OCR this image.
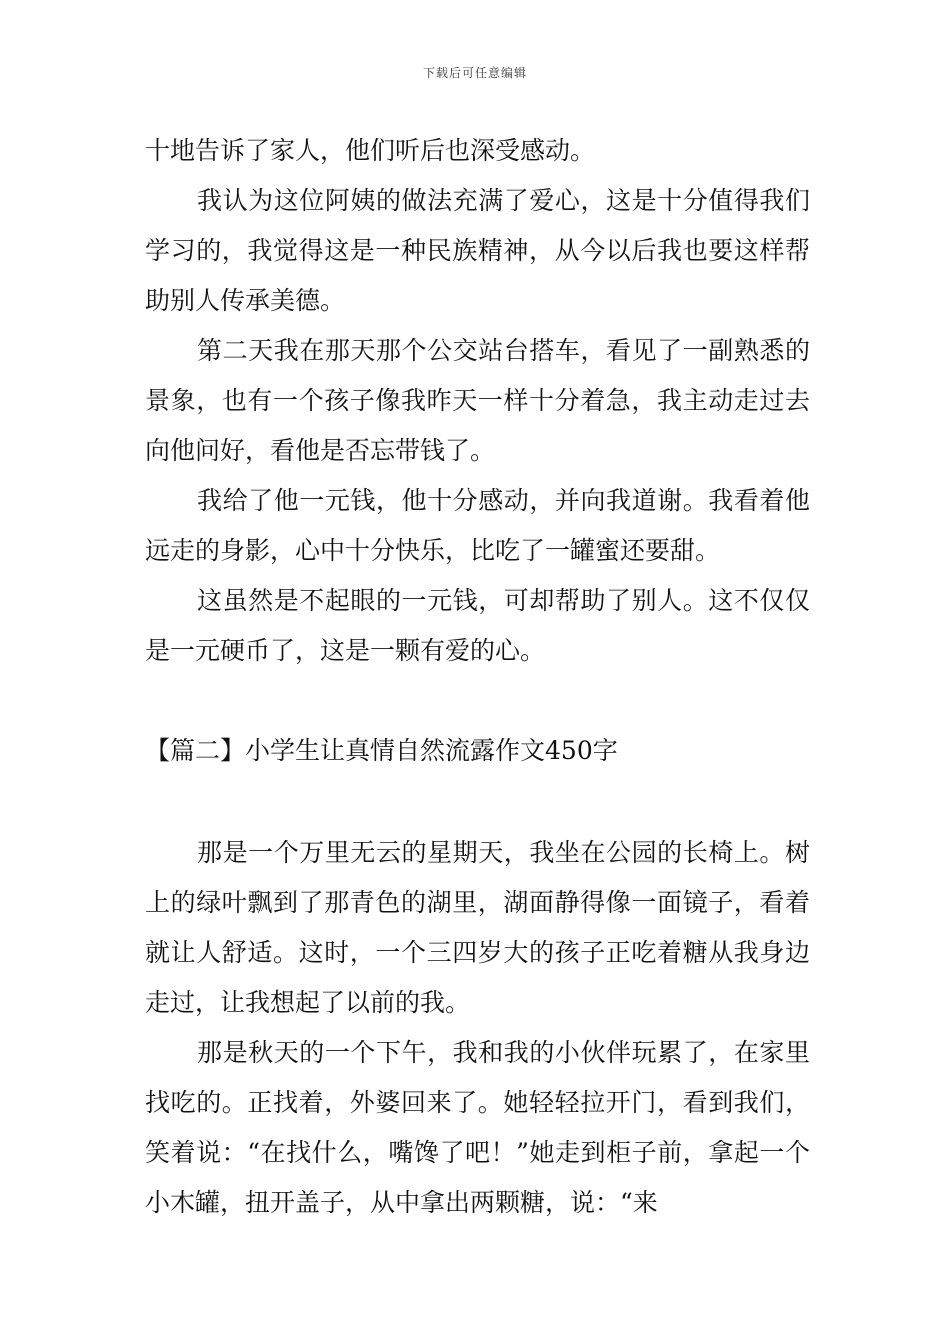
下载后可任意编辑

十地告诉了家人，他们听后也深受感动。

我认为这位阿姨的做法充满了爱心，这是十分值得我们学习的，我觉得这是一种民族精神，从今以后我也要这样帮助别人传承美德。

第二天我在那天那个公交站台搭车，看见了一副熟悉的景象，也有一个孩子像我昨天一样十分着急，我主动走过去向他问好，看他是否忘带钱了。

我给了他一元钱，他十分感动，并向我道谢。我看着他远走的身影，心中十分快乐，比吃了一罐蜜还要甜。

这虽然是不起眼的一元钱，可却帮助了别人。这不仅仅是一元硬币了，这是一颗有爱的心。

【篇二】小学生让真情自然流露作文450字

那是一个万里无云的星期天，我坐在公园的长椅上。树上的绿叶飘到了那青色的湖里，湖面静得像一面镜子，看着就让人舒适。这时，一个三四岁大的孩子正吃着糖从我身边走过，让我想起了以前的我。

那是秋天的一个下午，我和我的小伙伴玩累了，在家里找吃的。正找着，外婆回来了。她轻轻拉开门，看到我们，笑着说：“在找什么，嘴馋了吧！”她走到柜子前，拿起一个小木罐，扭开盖子，从中拿出两颗糖，说：“来
